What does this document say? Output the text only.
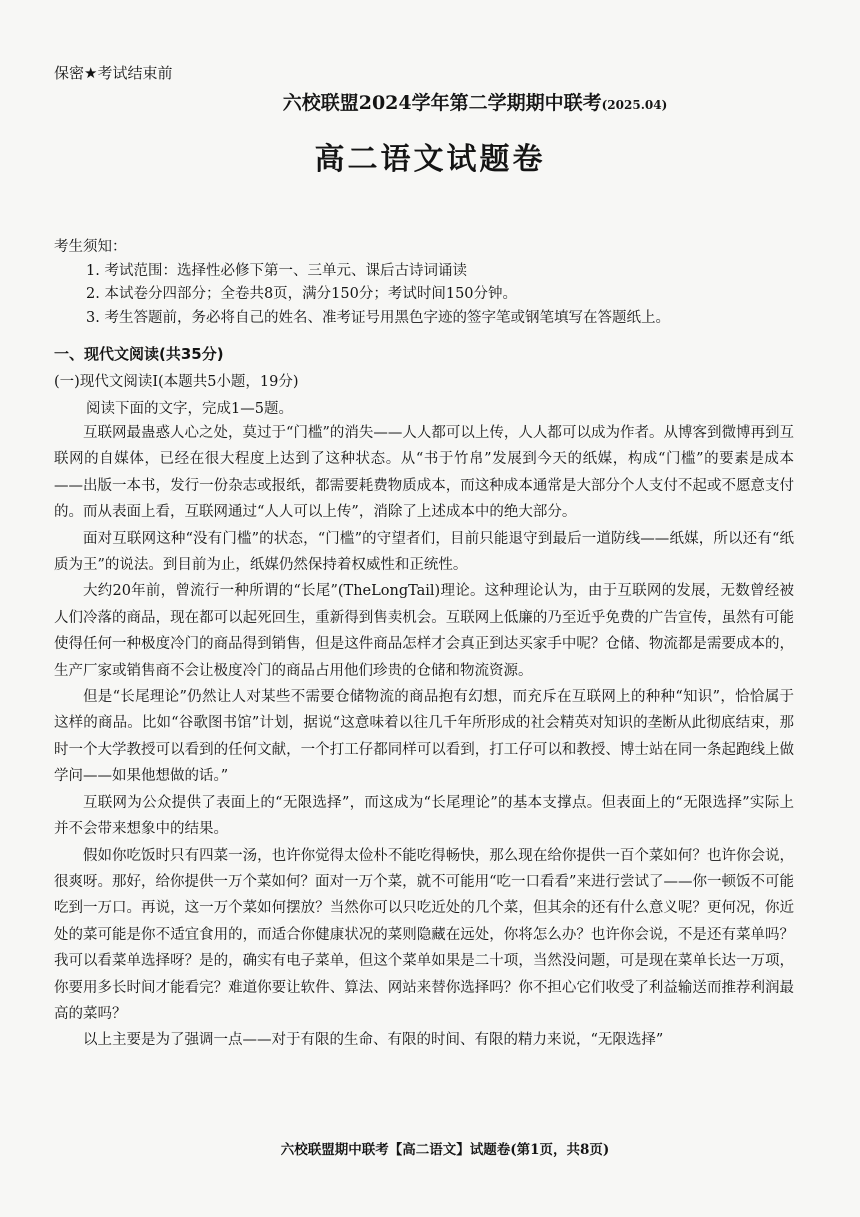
保密★考试结束前
六校联盟2024学年第二学期期中联考(2025.04)
高二语文试题卷
考生须知：
1. 考试范围：选择性必修下第一、三单元、课后古诗词诵读
2. 本试卷分四部分；全卷共8页，满分150分；考试时间150分钟。
3. 考生答题前，务必将自己的姓名、准考证号用黑色字迹的签字笔或钢笔填写在答题纸上。
一、现代文阅读(共35分)
(一)现代文阅读I(本题共5小题，19分)
阅读下面的文字，完成1—5题。

互联网最蛊惑人心之处，莫过于“门槛”的消失——人人都可以上传，人人都可以成为作者。从博客到微博再到互联网的自媒体，已经在很大程度上达到了这种状态。从“书于竹帛”发展到今天的纸媒，构成“门槛”的要素是成本——出版一本书，发行一份杂志或报纸，都需要耗费物质成本，而这种成本通常是大部分个人支付不起或不愿意支付的。而从表面上看，互联网通过“人人可以上传”，消除了上述成本中的绝大部分。

面对互联网这种“没有门槛”的状态，“门槛”的守望者们，目前只能退守到最后一道防线——纸媒，所以还有“纸质为王”的说法。到目前为止，纸媒仍然保持着权威性和正统性。

大约20年前，曾流行一种所谓的“长尾”(TheLongTail)理论。这种理论认为，由于互联网的发展，无数曾经被人们冷落的商品，现在都可以起死回生，重新得到售卖机会。互联网上低廉的乃至近乎免费的广告宣传，虽然有可能使得任何一种极度冷门的商品得到销售，但是这件商品怎样才会真正到达买家手中呢？仓储、物流都是需要成本的，生产厂家或销售商不会让极度冷门的商品占用他们珍贵的仓储和物流资源。

但是“长尾理论”仍然让人对某些不需要仓储物流的商品抱有幻想，而充斥在互联网上的种种“知识”，恰恰属于这样的商品。比如“谷歌图书馆”计划，据说“这意味着以往几千年所形成的社会精英对知识的垄断从此彻底结束，那时一个大学教授可以看到的任何文献，一个打工仔都同样可以看到，打工仔可以和教授、博士站在同一条起跑线上做学问——如果他想做的话。”

互联网为公众提供了表面上的“无限选择”，而这成为“长尾理论”的基本支撑点。但表面上的“无限选择”实际上并不会带来想象中的结果。

假如你吃饭时只有四菜一汤，也许你觉得太俭朴不能吃得畅快，那么现在给你提供一百个菜如何？也许你会说，很爽呀。那好，给你提供一万个菜如何？面对一万个菜，就不可能用“吃一口看看”来进行尝试了——你一顿饭不可能吃到一万口。再说，这一万个菜如何摆放？当然你可以只吃近处的几个菜，但其余的还有什么意义呢？更何况，你近处的菜可能是你不适宜食用的，而适合你健康状况的菜则隐藏在远处，你将怎么办？也许你会说，不是还有菜单吗？我可以看菜单选择呀？是的，确实有电子菜单，但这个菜单如果是二十项，当然没问题，可是现在菜单长达一万项，你要用多长时间才能看完？难道你要让软件、算法、网站来替你选择吗？你不担心它们收受了利益输送而推荐利润最高的菜吗？

以上主要是为了强调一点——对于有限的生命、有限的时间、有限的精力来说，“无限选择”

六校联盟期中联考【高二语文】试题卷(第1页，共8页)
